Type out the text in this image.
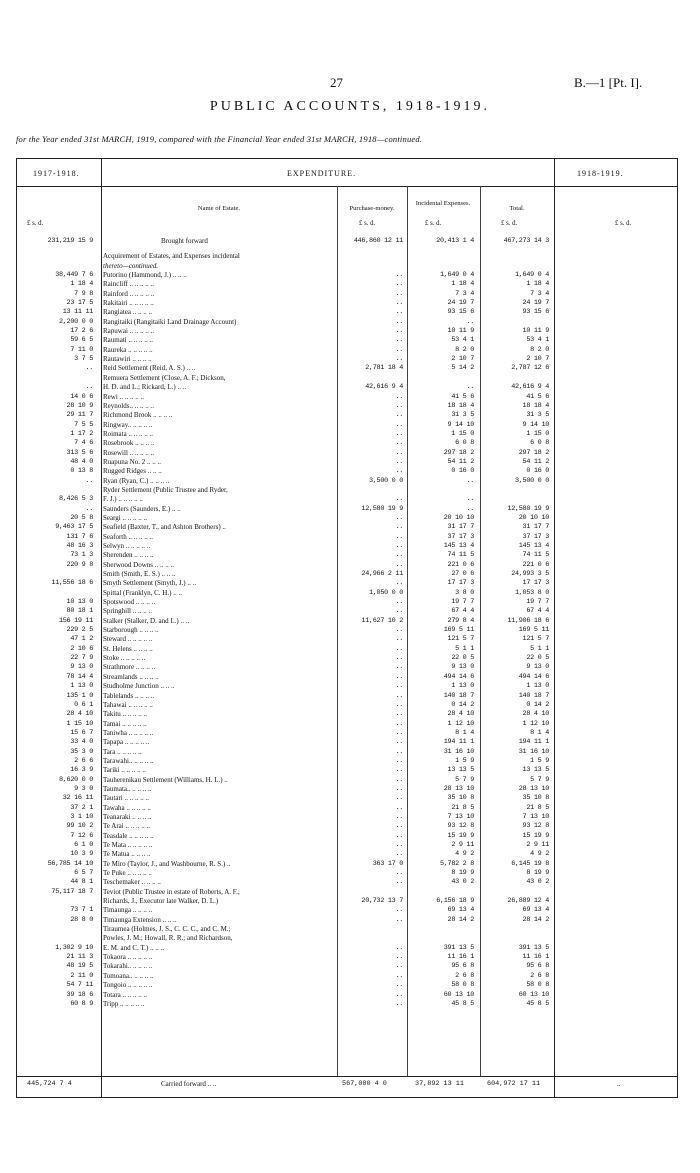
27	B.—1 [Pt. I].
PUBLIC ACCOUNTS, 1918-1919.
for the Year ended 31st MARCH, 1919, compared with the Financial Year ended 31st MARCH, 1918—continued.
1917-1918.	EXPENDITURE.	1918-1919.
Name of Estate.	Purchase-money.
Incidental Expenses.
Total.
£ s. d.	£ s. d.	£ s. d.	£ s. d.	£ s. d.
231,219 15 9	Brought forward	446,860 12 11	20,413 1 4	467,273 14 3	

	Acquirement of Estates, and Expenses incidental				
	thereto—continued.				
38,449 7 6	Putorino (Hammond, J.) .. .. ..	..	1,649 0 4	1,649 0 4	
1 18 4	Raincliff .. .. .. .. ..	..	1 18 4	1 18 4	
7 9 8	Rainford .. .. .. .. ..	..	7 3 4	7 3 4	
23 17 5	Rakitairi .. .. .. .. ..	..	24 19 7	24 19 7	
13 11 11	Rangiatea .. .. .. ..	..	93 15 6	93 15 6	
2,200 0 0	Rangitaiki (Rangitaiki Land Drainage Account)	..	..		
17 2 6	Rapuwai .. .. .. .. ..	..	10 11 9	10 11 9	
59 6 5	Raumati .. .. .. .. ..	..	53 4 1	53 4 1	
7 11 0	Raureka .. .. .. .. ..	..	8 2 0	8 2 0	
3 7 5	Rautawiri .. .. .. ..	..	2 10 7	2 10 7	
..	Reid Settlement (Reid, A. S.) .. ..	2,781 18 4	5 14 2	2,787 12 6	
	Remuera Settlement (Close, A. F.; Dickson,				
..	H. D. and L.; Rickard, L.) .. ..	42,616 9 4	..	42,616 9 4	
14 0 6	Rewi .. .. .. .. ..	..	41 5 6	41 5 6	
28 10 9	Reynolds.. .. .. .. ..	..	18 18 4	18 18 4	
29 11 7	Richmond Brook .. .. .. ..	..	31 3 5	31 3 5	
7 5 5	Ringway.. .. .. .. ..	..	9 14 10	9 14 10	
1 17 2	Roimata .. .. .. .. ..	..	1 15 0	1 15 0	
7 4 6	Rosebrook .. .. .. ..	..	6 0 8	6 0 8	
313 5 6	Rosewill .. .. .. .. ..	..	297 18 2	297 18 2	
48 4 0	Ruapuna No. 2 .. .. ..	..	54 11 2	54 11 2	
0 13 8	Rugged Ridges .. .. ..	..	0 16 0	0 16 0	
..	Ryan (Ryan, C.) .. .. .. ..	3,500 0 0	..	3,500 0 0	
	Ryder Settlement (Public Trustee and Ryder,				
8,426 5 3	F. J.) .. .. .. .. ..	..	..		
..	Saunders (Saunders, E.) .. ..	12,580 19 9	..	12,580 19 9	
20 5 8	Seargi .. .. .. .. ..	..	20 10 10	20 10 10	
9,463 17 5	Seafield (Baxter, T., and Ashton Brothers) ..	..	31 17 7	31 17 7	
131 7 6	Seaforth .. .. .. .. ..	..	37 17 3	37 17 3	
48 16 3	Selwyn .. .. .. .. ..	..	145 13 4	145 13 4	
73 1 3	Sherenden .. .. .. ..	..	74 11 5	74 11 5	
220 9 8	Sherwood Downs .. .. .. ..	..	221 0 6	221 0 6	
	Smith (Smith, E. S.) .. .. ..	24,966 2 11	27 0 6	24,993 3 5	
11,556 18 6	Smyth Settlement (Smyth, J.) .. ..	..	17 17 3	17 17 3	
	Spittal (Franklyn, C. H.) .. ..	1,050 0 0	3 8 0	1,053 8 0	
10 13 0	Spotswood .. .. .. ..	..	19 7 7	19 7 7	
80 18 1	Springhill .. .. .. ..	..	67 4 4	67 4 4	
156 19 11	Stalker (Stalker, D. and L.) .. ..	11,627 10 2	279 8 4	11,906 18 6	
229 2 5	Starborough .. .. .. ..	..	169 5 11	169 5 11	
47 1 2	Steward .. .. .. .. ..	..	121 5 7	121 5 7	
2 10 6	St. Helens .. .. .. ..	..	5 1 1	5 1 1	
22 7 9	Stoke .. .. .. .. ..	..	22 0 5	22 0 5	
9 13 0	Strathmore .. .. .. ..	..	9 13 0	9 13 0	
78 14 4	Streamlands .. .. .. ..	..	494 14 6	494 14 6	
1 13 0	Studholme Junction .. .. ..	..	1 13 0	1 13 0	
135 1 0	Tablelands .. .. .. ..	..	140 18 7	140 18 7	
0 6 1	Tahawai .. .. .. .. ..	..	0 14 2	0 14 2	
28 4 10	Takitu .. .. .. .. ..	..	28 4 10	28 4 10	
1 15 10	Tamai .. .. .. .. ..	..	1 12 10	1 12 10	
15 6 7	Taniwha .. .. .. .. ..	..	8 1 4	8 1 4	
33 4 0	Tapapa .. .. .. .. ..	..	194 11 1	194 11 1	
35 3 0	Tara .. .. .. .. ..	..	31 16 10	31 16 10	
2 6 6	Tarawahi.. .. .. .. ..	..	1 5 9	1 5 9	
16 3 9	Tariki .. .. .. .. ..	..	13 13 5	13 13 5	
8,620 0 0	Tauherenikau Settlement (Williams, H. L.) ..	..	5 7 9	5 7 9	
9 3 0	Taumata.. .. .. .. ..	..	28 13 10	28 13 10	
32 16 11	Tautari .. .. .. .. ..	..	35 10 8	35 10 8	
37 2 1	Tawaha .. .. .. .. ..	..	21 8 5	21 8 5	
3 1 10	Teanaraki .. .. .. ..	..	7 13 10	7 13 10	
99 10 2	Te Arai .. .. .. .. ..	..	93 12 8	93 12 8	
7 12 6	Teasdale .. .. .. .. ..	..	15 19 9	15 19 9	
6 1 0	Te Mata .. .. .. .. ..	..	2 9 11	2 9 11	
10 3 9	Te Matua .. .. .. ..	..	4 9 2	4 9 2	
56,785 14 10	Te Miro (Taylor, J., and Washbourne, R. S.) ..	363 17 0	5,782 2 8	6,145 19 8	
6 5 7	Te Puke .. .. .. .. ..	..	8 19 9	8 19 9	
44 8 1	Teschemaker .. .. .. ..	..	43 0 2	43 0 2	
75,117 18 7	Teviot (Public Trustee in estate of Roberts, A. F.;				
	Richards, J., Executor late Walker, D. L.)	20,732 13 7	6,156 18 9	26,889 12 4	
73 7 1	Timaunga .. .. .. ..	..	69 13 4	69 13 4	
28 8 0	Timaunga Extension .. .. ..	..	28 14 2	28 14 2	
	Tiraumea (Holmes, J. S., C. C. C., and C. M.;				
	Powles, J. M.; Howall, R. R.; and Richardson,				
1,302 9 10	E. M. and C. T.) .. .. ..	..	391 13 5	391 13 5	
21 11 3	Tokaora .. .. .. .. ..	..	11 16 1	11 16 1	
48 19 5	Tokarahi.. .. .. .. ..	..	95 6 8	95 6 8	
2 11 0	Tomoana.. .. .. .. ..	..	2 6 8	2 6 8	
54 7 11	Tongoio .. .. .. .. ..	..	58 0 8	58 0 8	
39 18 6	Totara .. .. .. .. ..	..	60 13 10	60 13 10	
60 8 9	Tripp .. .. .. .. ..	..	45 8 5	45 8 5	
445,724 7 4	Carried forward .. ..	567,080 4 0	37,892 13 11	604,972 17 11	..
